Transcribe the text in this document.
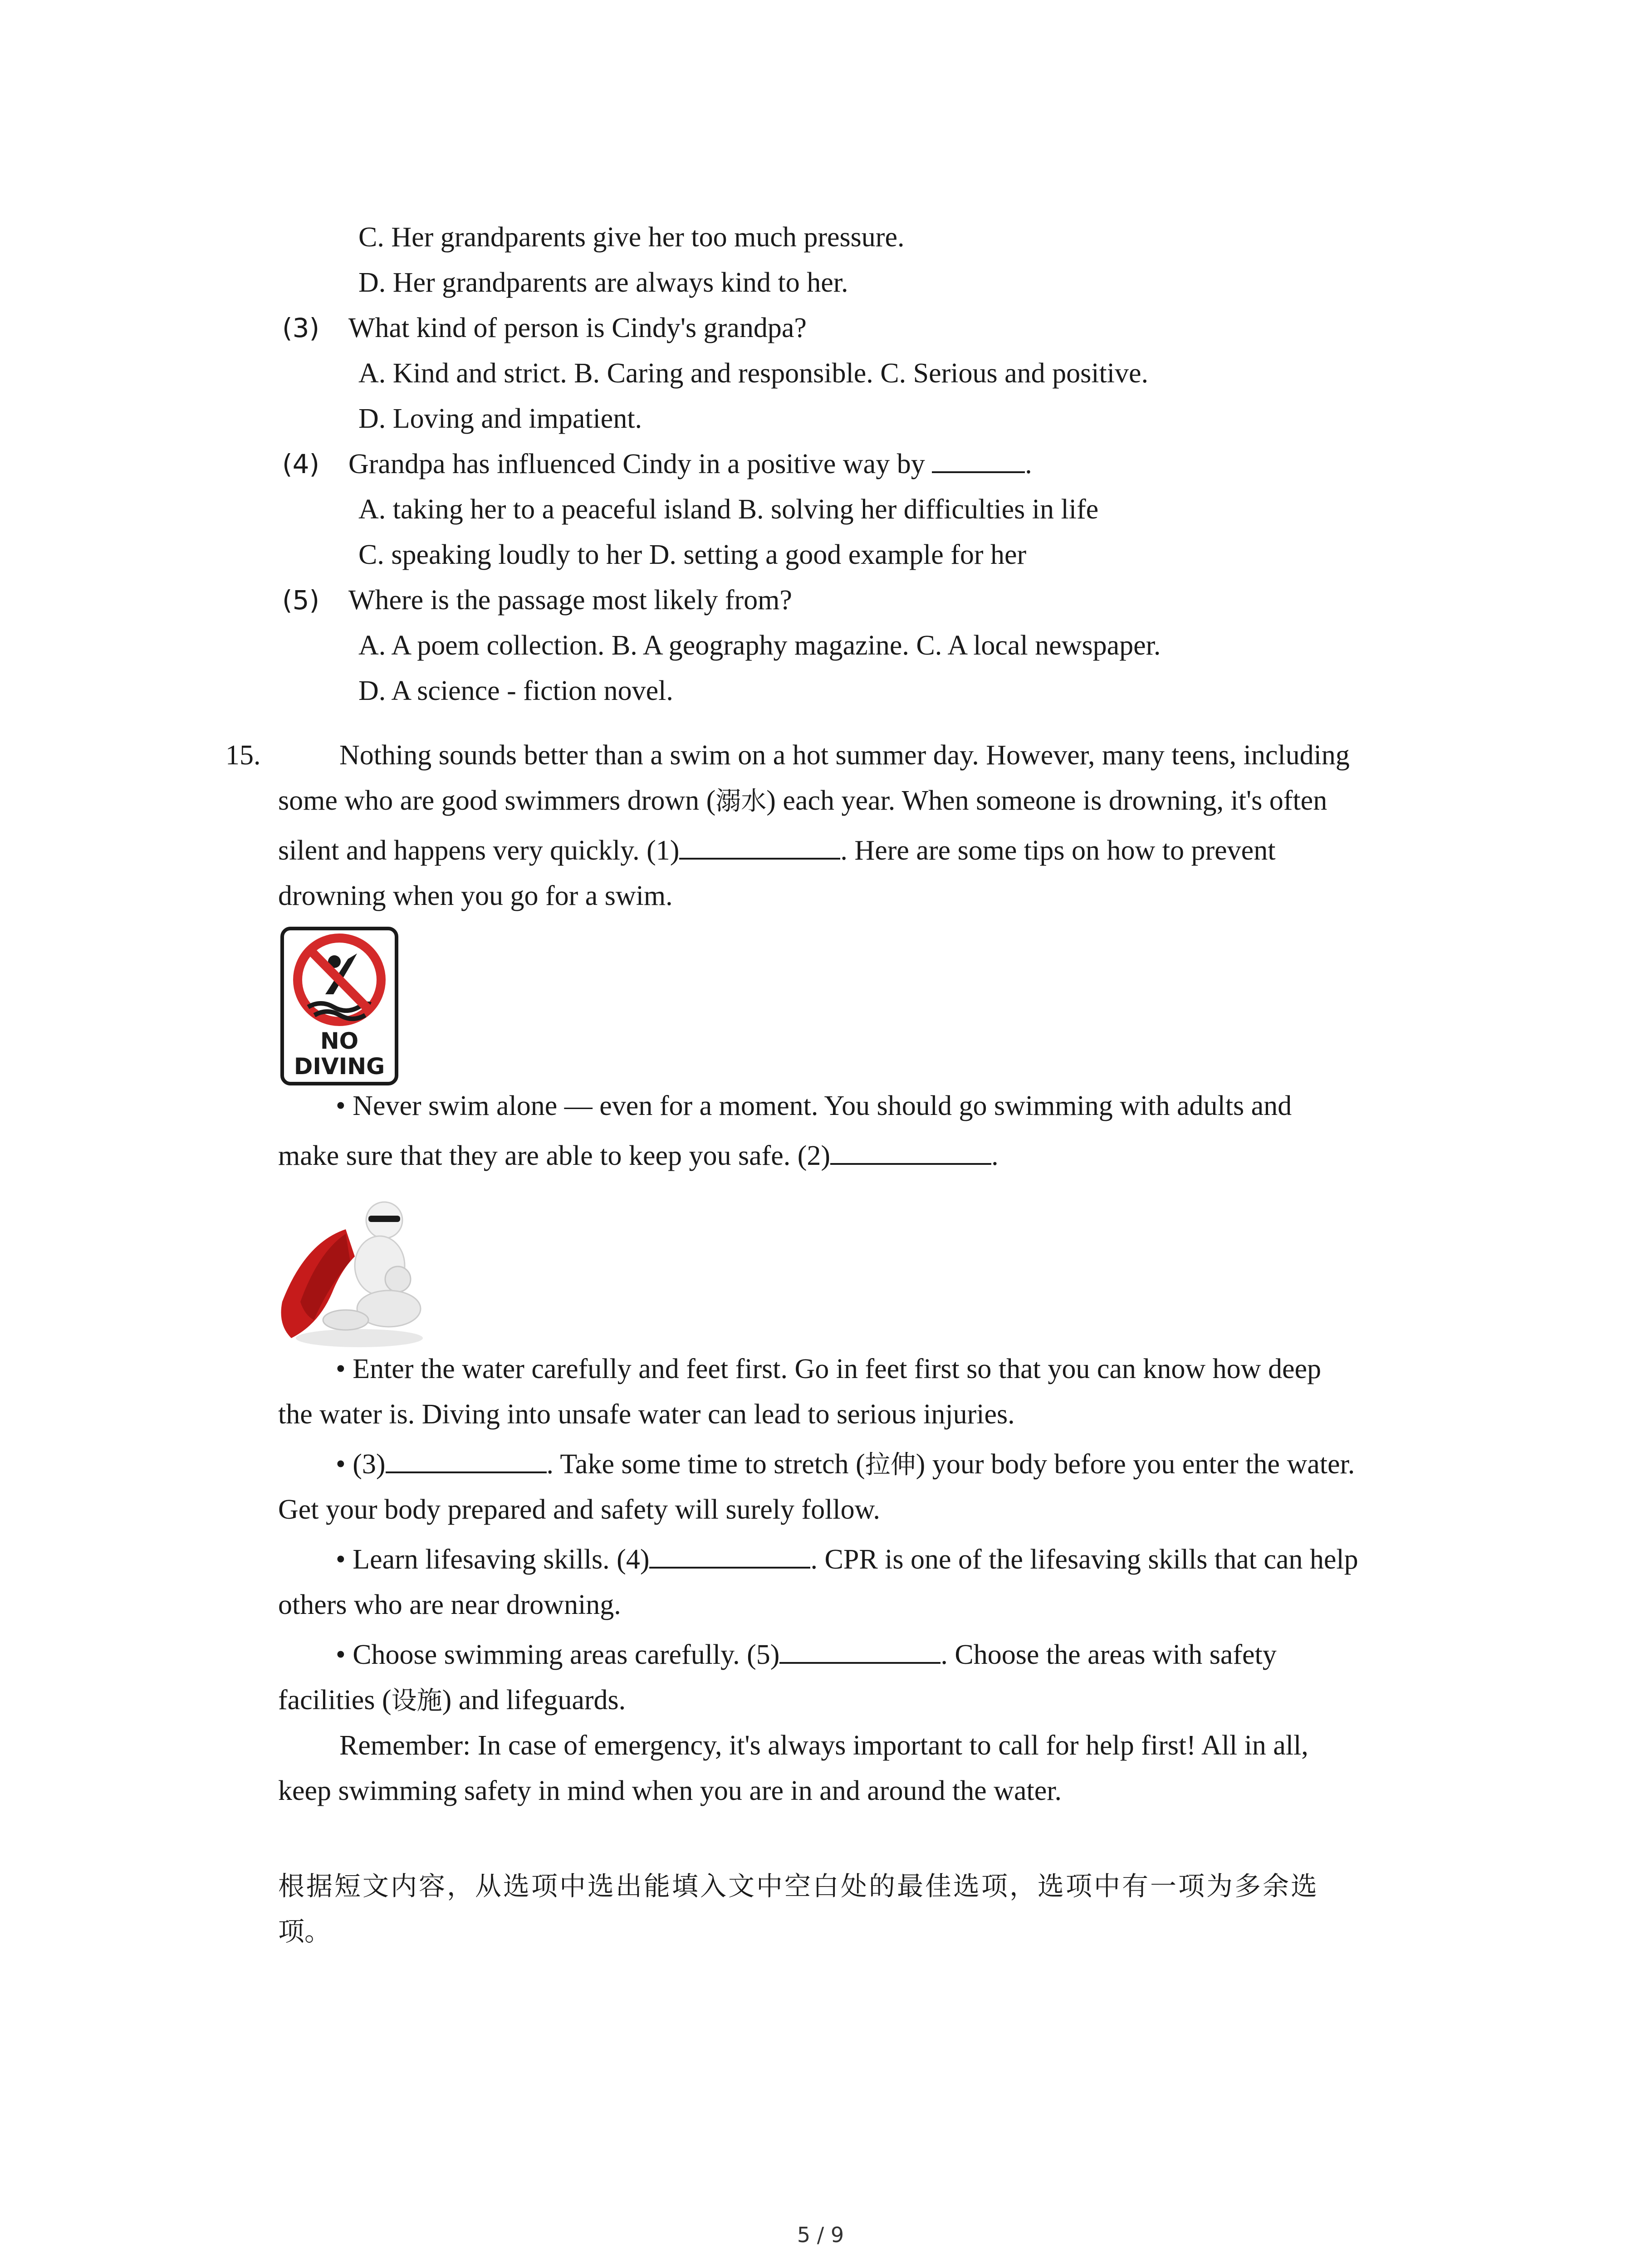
C. Her grandparents give her too much pressure.
D. Her grandparents are always kind to her.
(3) What kind of person is Cindy's grandpa?
A. Kind and strict. B. Caring and responsible. C. Serious and positive.
D. Loving and impatient.
(4) Grandpa has influenced Cindy in a positive way by	.
A. taking her to a peaceful island B. solving her difficulties in life
C. speaking loudly to her D. setting a good example for her
(5) Where is the passage most likely from?
A. A poem collection. B. A geography magazine. C. A local newspaper.
D. A science - fiction novel.
15.	Nothing sounds better than a swim on a hot summer day. However, many teens, including
some who are good swimmers drown (溺水) each year. When someone is drowning, it's often
silent and happens very quickly. (1)	. Here are some tips on how to prevent
drowning when you go for a swim.
NO
DIVING
• Never swim alone — even for a moment. You should go swimming with adults and
make sure that they are able to keep you safe. (2)	.
• Enter the water carefully and feet first. Go in feet first so that you can know how deep
the water is. Diving into unsafe water can lead to serious injuries.
• (3)	. Take some time to stretch (拉伸) your body before you enter the water.
Get your body prepared and safety will surely follow.
• Learn lifesaving skills. (4)	. CPR is one of the lifesaving skills that can help
others who are near drowning.
• Choose swimming areas carefully. (5)	. Choose the areas with safety
facilities (设施) and lifeguards.
Remember: In case of emergency, it's always important to call for help first! All in all,
keep swimming safety in mind when you are in and around the water.
根据短文内容，从选项中选出能填入文中空白处的最佳选项，选项中有一项为多余选
项。
5 / 9
